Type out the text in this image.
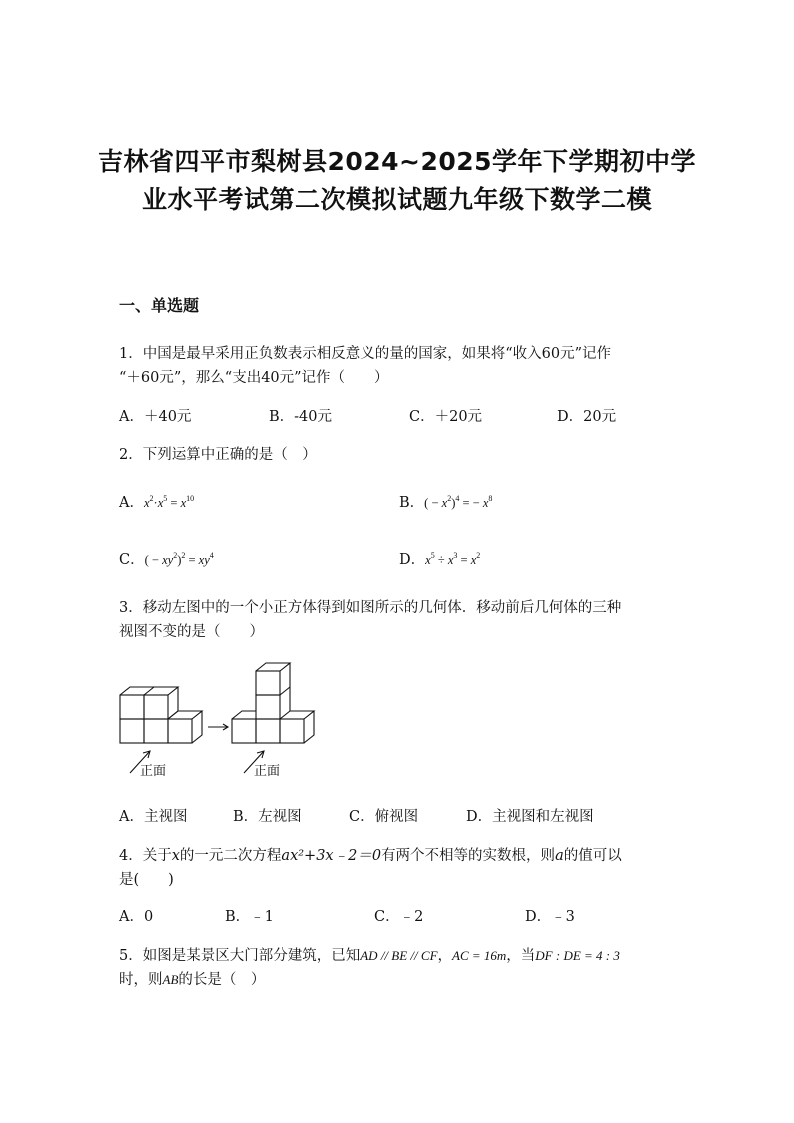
吉林省四平市梨树县2024~2025学年下学期初中学
业水平考试第二次模拟试题九年级下数学二模
一、单选题
1．中国是最早采用正负数表示相反意义的量的国家，如果将“收入60元”记作
“＋60元”，那么“支出40元”记作（　　）
A．＋40元	B．-40元	C．＋20元	D．20元
2．下列运算中正确的是（　）
A．$x^2\cdot x^5 = x^{10}$	B．( − $x^2)^4$ = − $x^8$
C．( − $xy^2)^2 = xy^4$	D．$x^5 \div x^3 = x^2$
3．移动左图中的一个小正方体得到如图所示的几何体．移动前后几何体的三种
视图不变的是（　　）
正面	正面
A．主视图	B．左视图	C．俯视图	D．主视图和左视图
4．关于x的一元二次方程ax²+3x﹣2＝0有两个不相等的实数根，则a的值可以
是(　　)
A．0	B．﹣1	C．﹣2	D．﹣3
5．如图是某景区大门部分建筑，已知AD // BE // CF，AC = 16m，当DF : DE = 4 : 3
时，则AB的长是（　）
